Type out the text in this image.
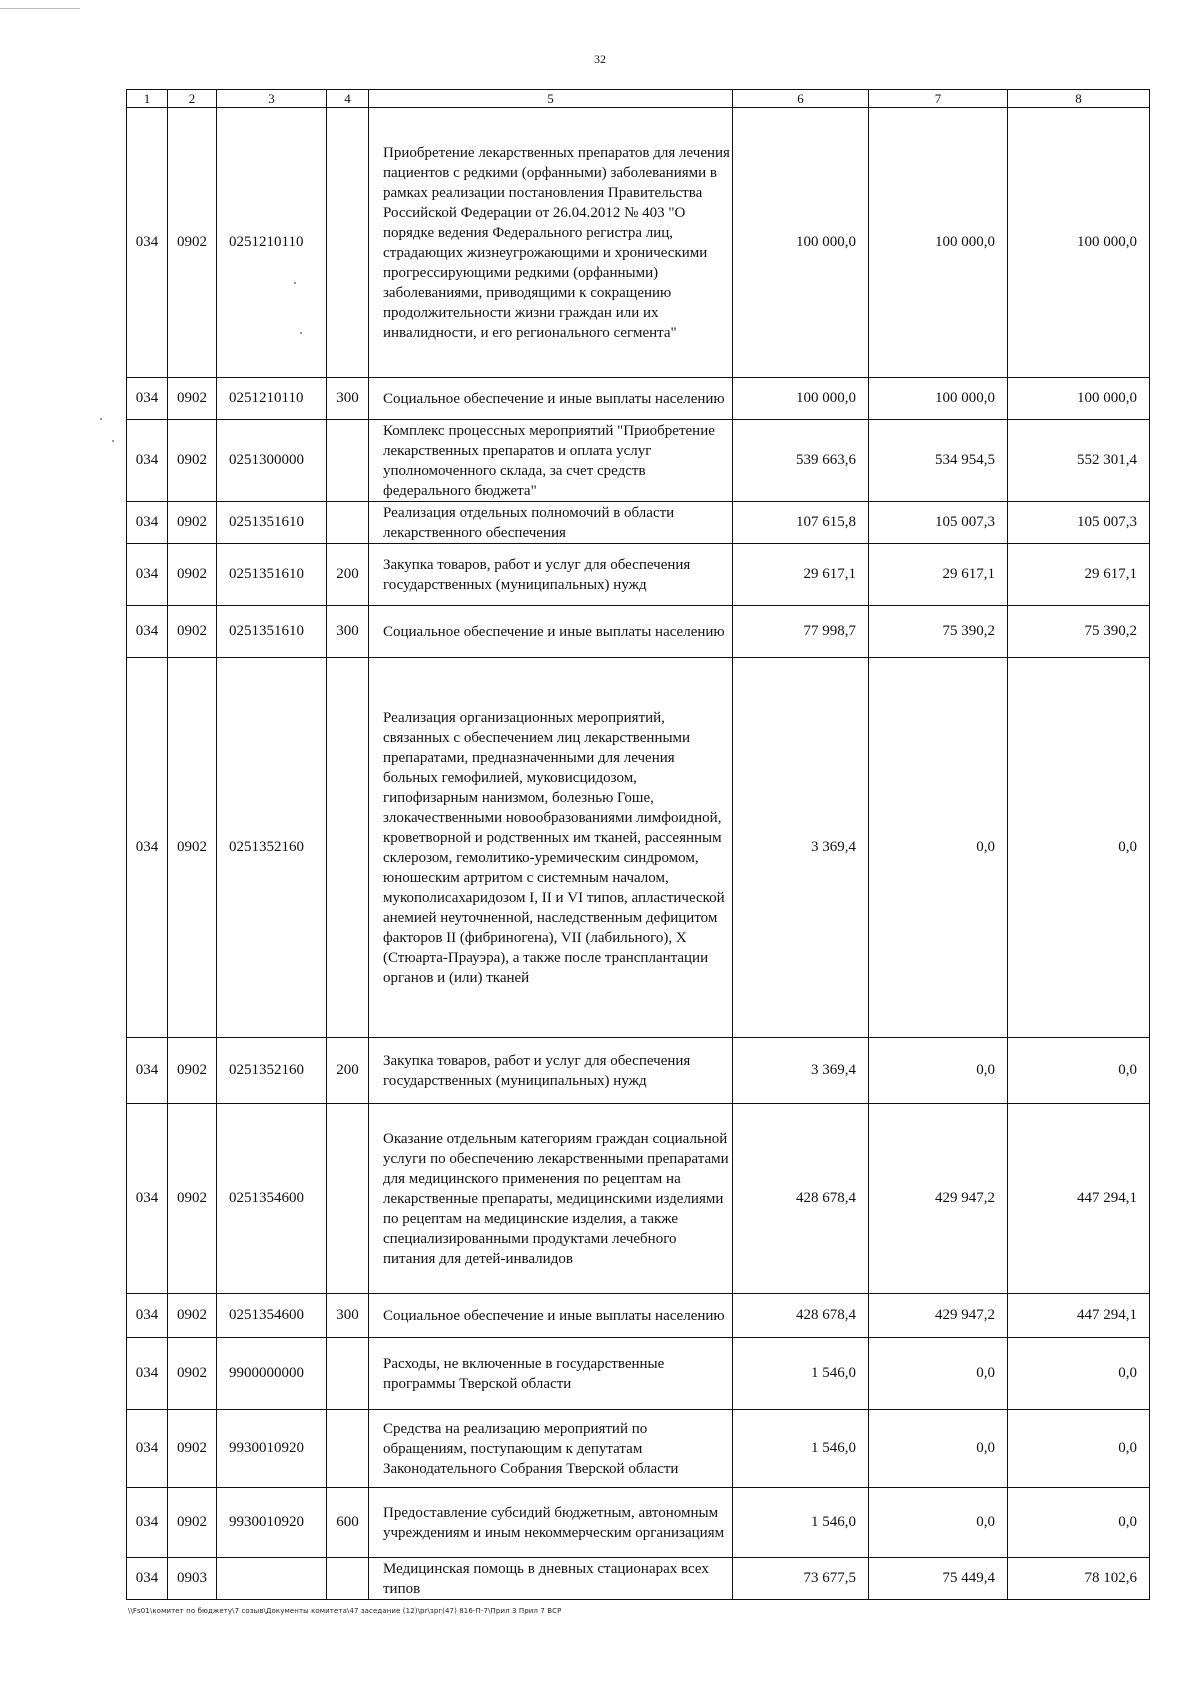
32
1	2	3	4	5	6	7	8
034	0902	0251210110		Приобретение лекарственных препаратов для лечения пациентов с редкими (орфанными) заболеваниями в рамках реализации постановления Правительства Российской Федерации от 26.04.2012 № 403 "О порядке ведения Федерального регистра лиц, страдающих жизнеугрожающими и хроническими прогрессирующими редкими (орфанными) заболеваниями, приводящими к сокращению продолжительности жизни граждан или их инвалидности, и его регионального сегмента"	100 000,0	100 000,0	100 000,0
034	0902	0251210110	300	Социальное обеспечение и иные выплаты населению	100 000,0	100 000,0	100 000,0
034	0902	0251300000		Комплекс процессных мероприятий "Приобретение лекарственных препаратов и оплата услуг уполномоченного склада, за счет средств федерального бюджета"	539 663,6	534 954,5	552 301,4
034	0902	0251351610		Реализация отдельных полномочий в области лекарственного обеспечения	107 615,8	105 007,3	105 007,3
034	0902	0251351610	200	Закупка товаров, работ и услуг для обеспечения государственных (муниципальных) нужд	29 617,1	29 617,1	29 617,1
034	0902	0251351610	300	Социальное обеспечение и иные выплаты населению	77 998,7	75 390,2	75 390,2
034	0902	0251352160		Реализация организационных мероприятий, связанных с обеспечением лиц лекарственными препаратами, предназначенными для лечения больных гемофилией, муковисцидозом, гипофизарным нанизмом, болезнью Гоше, злокачественными новообразованиями лимфоидной, кроветворной и родственных им тканей, рассеянным склерозом, гемолитико-уремическим синдромом, юношеским артритом с системным началом, мукополисахаридозом I, II и VI типов, апластической анемией неуточненной, наследственным дефицитом факторов II (фибриногена), VII (лабильного), X (Стюарта-Прауэра), а также после трансплантации органов и (или) тканей	3 369,4	0,0	0,0
034	0902	0251352160	200	Закупка товаров, работ и услуг для обеспечения государственных (муниципальных) нужд	3 369,4	0,0	0,0
034	0902	0251354600		Оказание отдельным категориям граждан социальной услуги по обеспечению лекарственными препаратами для медицинского применения по рецептам на лекарственные препараты, медицинскими изделиями по рецептам на медицинские изделия, а также специализированными продуктами лечебного питания для детей-инвалидов	428 678,4	429 947,2	447 294,1
034	0902	0251354600	300	Социальное обеспечение и иные выплаты населению	428 678,4	429 947,2	447 294,1
034	0902	9900000000		Расходы, не включенные в государственные программы Тверской области	1 546,0	0,0	0,0
034	0902	9930010920		Средства на реализацию мероприятий по обращениям, поступающим к депутатам Законодательного Собрания Тверской области	1 546,0	0,0	0,0
034	0902	9930010920	600	Предоставление субсидий бюджетным, автономным учреждениям и иным некоммерческим организациям	1 546,0	0,0	0,0
034	0903			Медицинская помощь в дневных стационарах всех типов	73 677,5	75 449,4	78 102,6
\\Fs01\комитет по бюджету\7 созыв\Документы комитета\47 заседание (12)\pr\зрг(47) 816-П-7\Прил 3 Прил 7 ВСР
